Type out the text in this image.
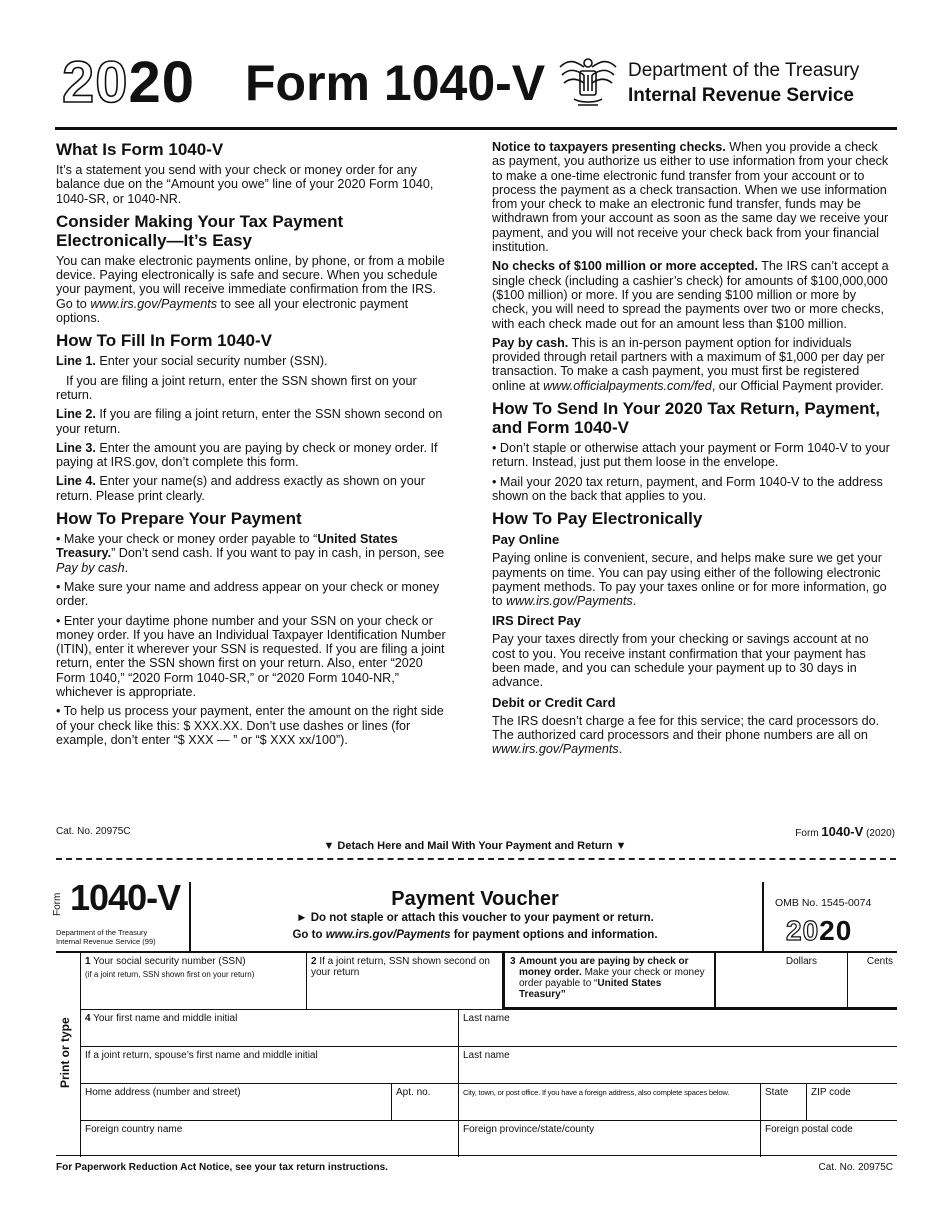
2020 Form 1040-V	Department of the Treasury
Internal Revenue Service
What Is Form 1040-V

It’s a statement you send with your check or money order for any balance due on the “Amount you owe” line of your 2020 Form 1040, 1040-SR, or 1040-NR.

Consider Making Your Tax Payment Electronically—It’s Easy

You can make electronic payments online, by phone, or from a mobile device. Paying electronically is safe and secure. When you schedule your payment, you will receive immediate confirmation from the IRS. Go to www.irs.gov/Payments to see all your electronic payment options.

How To Fill In Form 1040-V

Line 1. Enter your social security number (SSN).

If you are filing a joint return, enter the SSN shown first on your return.

Line 2. If you are filing a joint return, enter the SSN shown second on your return.

Line 3. Enter the amount you are paying by check or money order. If paying at IRS.gov, don’t complete this form.

Line 4. Enter your name(s) and address exactly as shown on your return. Please print clearly.

How To Prepare Your Payment

• Make your check or money order payable to “United States Treasury.” Don’t send cash. If you want to pay in cash, in person, see Pay by cash.

• Make sure your name and address appear on your check or money order.

• Enter your daytime phone number and your SSN on your check or money order. If you have an Individual Taxpayer Identification Number (ITIN), enter it wherever your SSN is requested. If you are filing a joint return, enter the SSN shown first on your return. Also, enter “2020 Form 1040,” “2020 Form 1040-SR,” or “2020 Form 1040-NR,” whichever is appropriate.

• To help us process your payment, enter the amount on the right side of your check like this: $ XXX.XX. Don’t use dashes or lines (for example, don’t enter “$ XXX — ” or “$ XXX xx/100”).

Notice to taxpayers presenting checks. When you provide a check as payment, you authorize us either to use information from your check to make a one-time electronic fund transfer from your account or to process the payment as a check transaction. When we use information from your check to make an electronic fund transfer, funds may be withdrawn from your account as soon as the same day we receive your payment, and you will not receive your check back from your financial institution.

No checks of $100 million or more accepted. The IRS can’t accept a single check (including a cashier’s check) for amounts of $100,000,000 ($100 million) or more. If you are sending $100 million or more by check, you will need to spread the payments over two or more checks, with each check made out for an amount less than $100 million.

Pay by cash. This is an in-person payment option for individuals provided through retail partners with a maximum of $1,000 per day per transaction. To make a cash payment, you must first be registered online at www.officialpayments.com/fed, our Official Payment provider.

How To Send In Your 2020 Tax Return, Payment, and Form 1040-V

• Don’t staple or otherwise attach your payment or Form 1040-V to your return. Instead, just put them loose in the envelope.

• Mail your 2020 tax return, payment, and Form 1040-V to the address shown on the back that applies to you.

How To Pay Electronically
Pay Online

Paying online is convenient, secure, and helps make sure we get your payments on time. You can pay using either of the following electronic payment methods. To pay your taxes online or for more information, go to www.irs.gov/Payments.

IRS Direct Pay

Pay your taxes directly from your checking or savings account at no cost to you. You receive instant confirmation that your payment has been made, and you can schedule your payment up to 30 days in advance.

Debit or Credit Card

The IRS doesn’t charge a fee for this service; the card processors do. The authorized card processors and their phone numbers are all on www.irs.gov/Payments.

Cat. No. 20975C	Form 1040-V (2020)
▼ Detach Here and Mail With Your Payment and Return ▼
Form 1040-V
Department of the Treasury
Internal Revenue Service (99)
Payment Voucher
► Do not staple or attach this voucher to your payment or return.
Go to www.irs.gov/Payments for payment options and information.
OMB No. 1545-0074
2020
Print or type
1 Your social security number (SSN)
(if a joint return, SSN shown first on your return)
2 If a joint return, SSN shown second on your return
3 Amount you are paying by check or money order. Make your check or money order payable to “United States Treasury”
Dollars	Cents
4 Your first name and middle initial	Last name
If a joint return, spouse’s first name and middle initial	Last name
Home address (number and street)	Apt. no.	City, town, or post office. If you have a foreign address, also complete spaces below.	State	ZIP code
Foreign country name	Foreign province/state/county	Foreign postal code
For Paperwork Reduction Act Notice, see your tax return instructions.	Cat. No. 20975C
